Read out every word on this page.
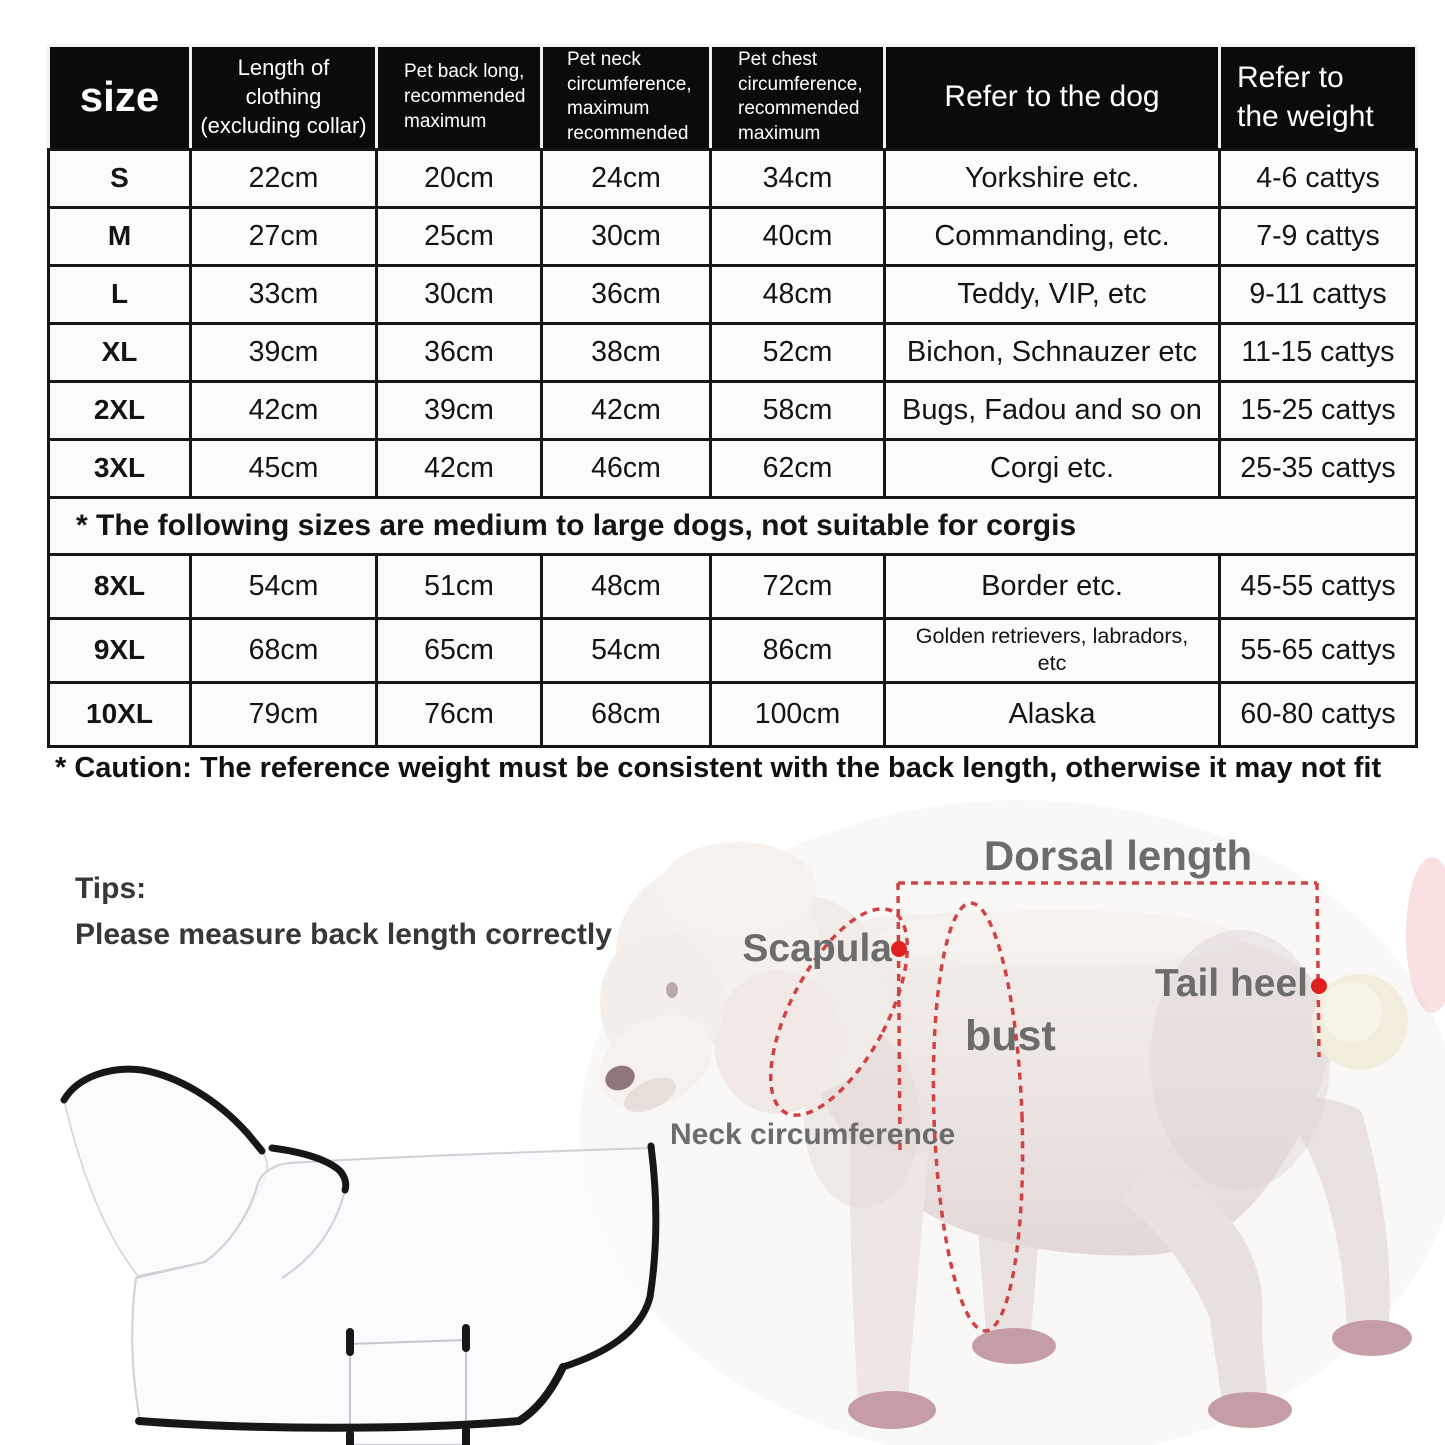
size	Length of clothing (excluding collar)	Pet back long, recommended maximum	Pet neck circumference, maximum recommended	Pet chest circumference, recommended maximum	Refer to the dog	Refer to the weight
S	22cm	20cm	24cm	34cm	Yorkshire etc.	4-6 cattys
M	27cm	25cm	30cm	40cm	Commanding, etc.	7-9 cattys
L	33cm	30cm	36cm	48cm	Teddy, VIP, etc	9-11 cattys
XL	39cm	36cm	38cm	52cm	Bichon, Schnauzer etc	11-15 cattys
2XL	42cm	39cm	42cm	58cm	Bugs, Fadou and so on	15-25 cattys
3XL	45cm	42cm	46cm	62cm	Corgi etc.	25-35 cattys
* The following sizes are medium to large dogs, not suitable for corgis						
8XL	54cm	51cm	48cm	72cm	Border etc.	45-55 cattys
9XL	68cm	65cm	54cm	86cm	Golden retrievers, labradors, etc	55-65 cattys
10XL	79cm	76cm	68cm	100cm	Alaska	60-80 cattys
* Caution: The reference weight must be consistent with the back length, otherwise it may not fit
Tips:
Please measure back length correctly
Dorsal length
Scapula
Tail heel
bust
Neck circumference
